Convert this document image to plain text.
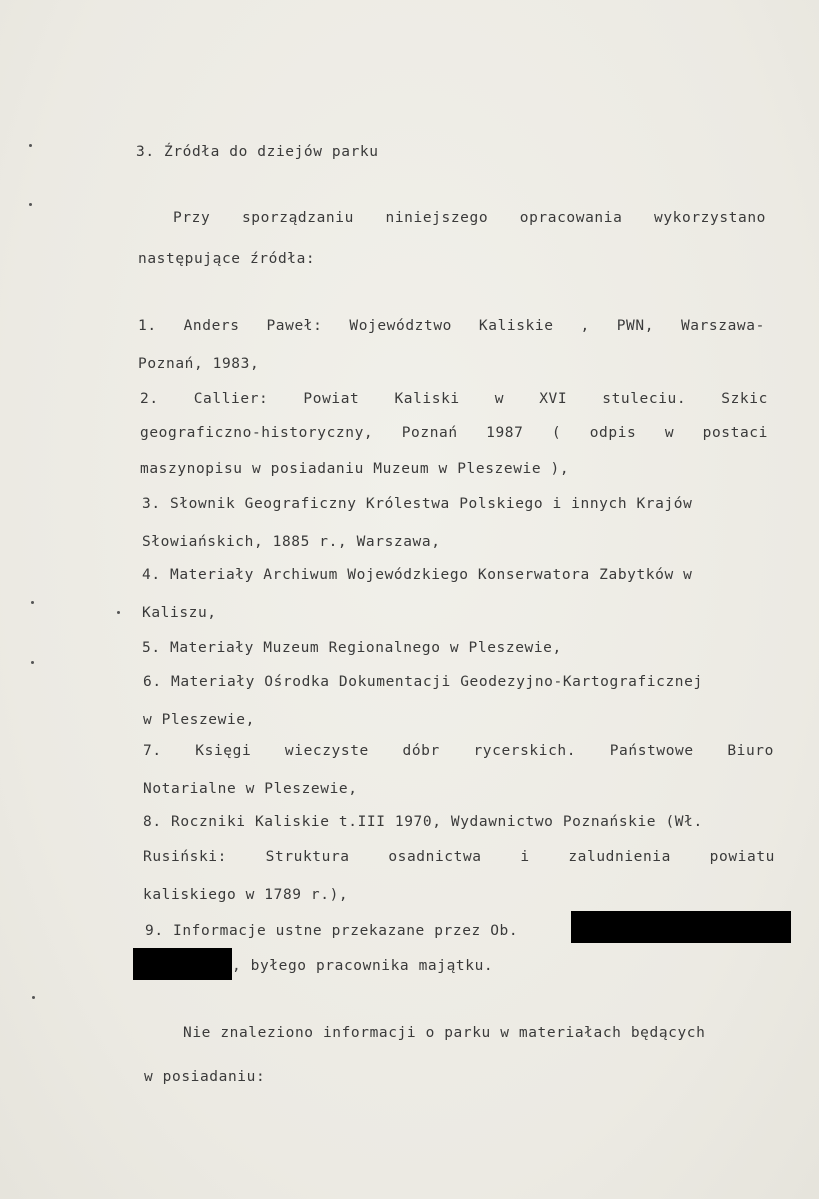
3. Źródła do dziejów parku
Przy sporządzaniu niniejszego opracowania wykorzystano
następujące źródła:
1. Anders Paweł: Województwo Kaliskie , PWN, Warszawa-
Poznań, 1983,
2. Callier: Powiat Kaliski w XVI stuleciu. Szkic
geograficzno-historyczny, Poznań 1987 ( odpis w postaci
maszynopisu w posiadaniu Muzeum w Pleszewie ),
3. Słownik Geograficzny Królestwa Polskiego i innych Krajów
Słowiańskich, 1885 r., Warszawa,
4. Materiały Archiwum Wojewódzkiego Konserwatora Zabytków w
Kaliszu,
5. Materiały Muzeum Regionalnego w Pleszewie,
6. Materiały Ośrodka Dokumentacji Geodezyjno-Kartograficznej
w Pleszewie,
7. Księgi wieczyste dóbr rycerskich. Państwowe Biuro
Notarialne w Pleszewie,
8. Roczniki Kaliskie t.III 1970, Wydawnictwo Poznańskie (Wł.
Rusiński:	Struktura	osadnictwa	i	zaludnienia	powiatu
kaliskiego w 1789 r.),
9. Informacje ustne przekazane przez Ob.
, byłego pracownika majątku.
Nie znaleziono informacji o parku w materiałach będących
w posiadaniu:
